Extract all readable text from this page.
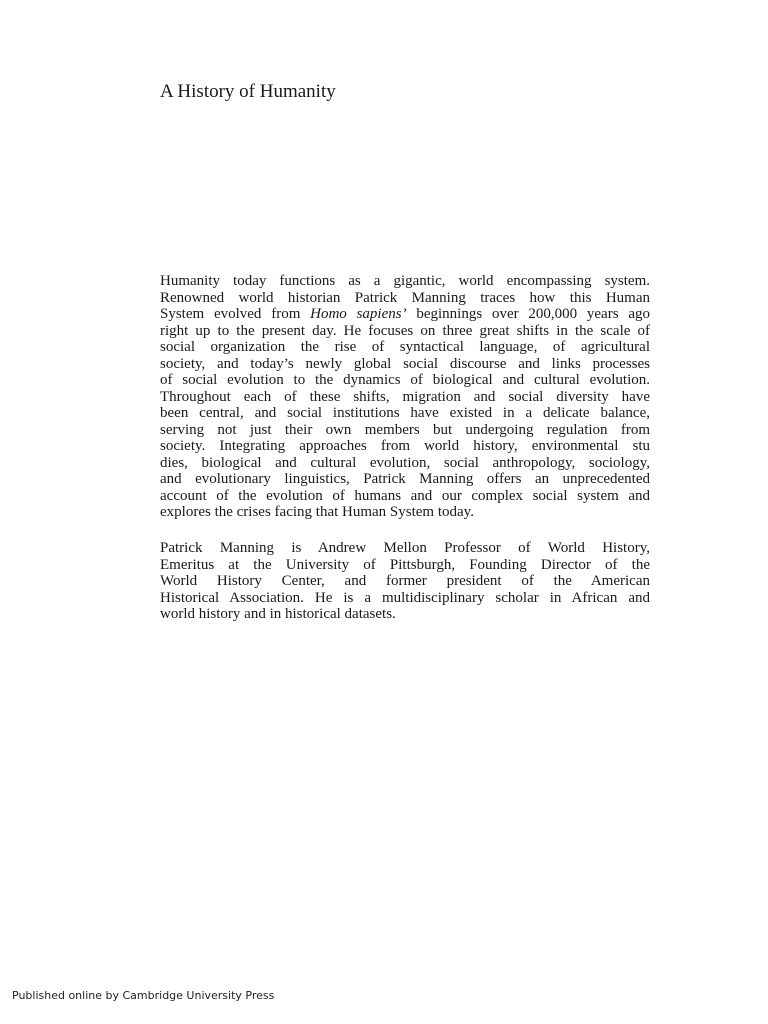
A History of Humanity
Humanity today functions as a gigantic, world encompassing system.
Renowned world historian Patrick Manning traces how this Human
System evolved from Homo sapiens’ beginnings over 200,000 years ago
right up to the present day. He focuses on three great shifts in the scale of
social organization the rise of syntactical language, of agricultural
society, and today’s newly global social discourse and links processes
of social evolution to the dynamics of biological and cultural evolution.
Throughout each of these shifts, migration and social diversity have
been central, and social institutions have existed in a delicate balance,
serving not just their own members but undergoing regulation from
society. Integrating approaches from world history, environmental stu
dies, biological and cultural evolution, social anthropology, sociology,
and evolutionary linguistics, Patrick Manning offers an unprecedented
account of the evolution of humans and our complex social system and
explores the crises facing that Human System today.
Patrick Manning is Andrew Mellon Professor of World History,
Emeritus at the University of Pittsburgh, Founding Director of the
World History Center, and former president of the American
Historical Association. He is a multidisciplinary scholar in African and
world history and in historical datasets.
Published online by Cambridge University Press
